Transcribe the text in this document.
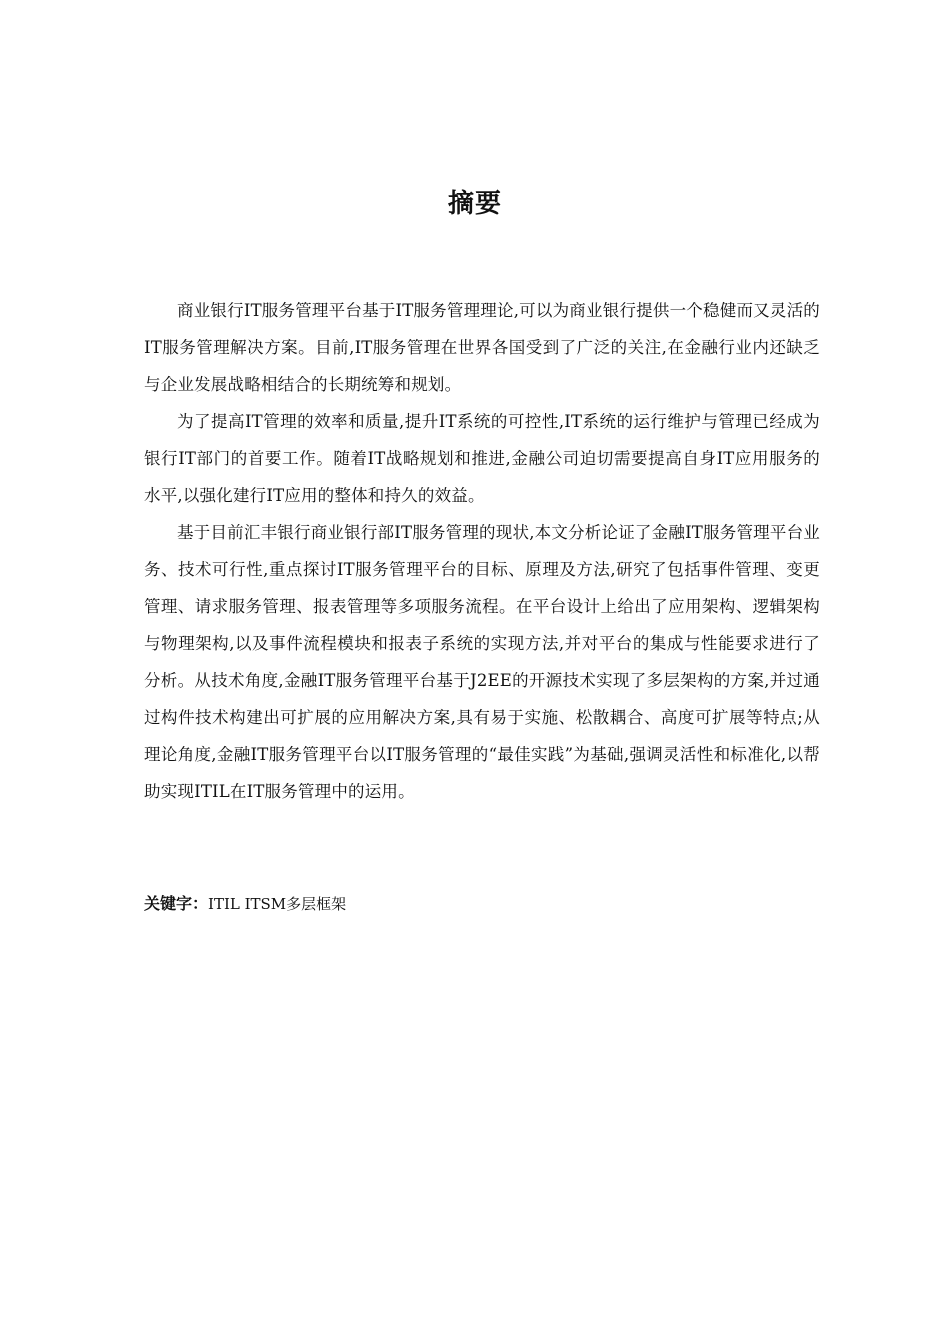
摘要

商业银行IT服务管理平台基于IT服务管理理论,可以为商业银行提供一个稳健而又灵活的IT服务管理解决方案。目前,IT服务管理在世界各国受到了广泛的关注,在金融行业内还缺乏与企业发展战略相结合的长期统筹和规划。

为了提高IT管理的效率和质量,提升IT系统的可控性,IT系统的运行维护与管理已经成为银行IT部门的首要工作。随着IT战略规划和推进,金融公司迫切需要提高自身IT应用服务的水平,以强化建行IT应用的整体和持久的效益。

基于目前汇丰银行商业银行部IT服务管理的现状,本文分析论证了金融IT服务管理平台业务、技术可行性,重点探讨IT服务管理平台的目标、原理及方法,研究了包括事件管理、变更管理、请求服务管理、报表管理等多项服务流程。在平台设计上给出了应用架构、逻辑架构与物理架构,以及事件流程模块和报表子系统的实现方法,并对平台的集成与性能要求进行了分析。从技术角度,金融IT服务管理平台基于J2EE的开源技术实现了多层架构的方案,并过通过构件技术构建出可扩展的应用解决方案,具有易于实施、松散耦合、高度可扩展等特点;从理论角度,金融IT服务管理平台以IT服务管理的“最佳实践”为基础,强调灵活性和标准化,以帮助实现ITIL在IT服务管理中的运用。

关键字：ITIL ITSM多层框架
